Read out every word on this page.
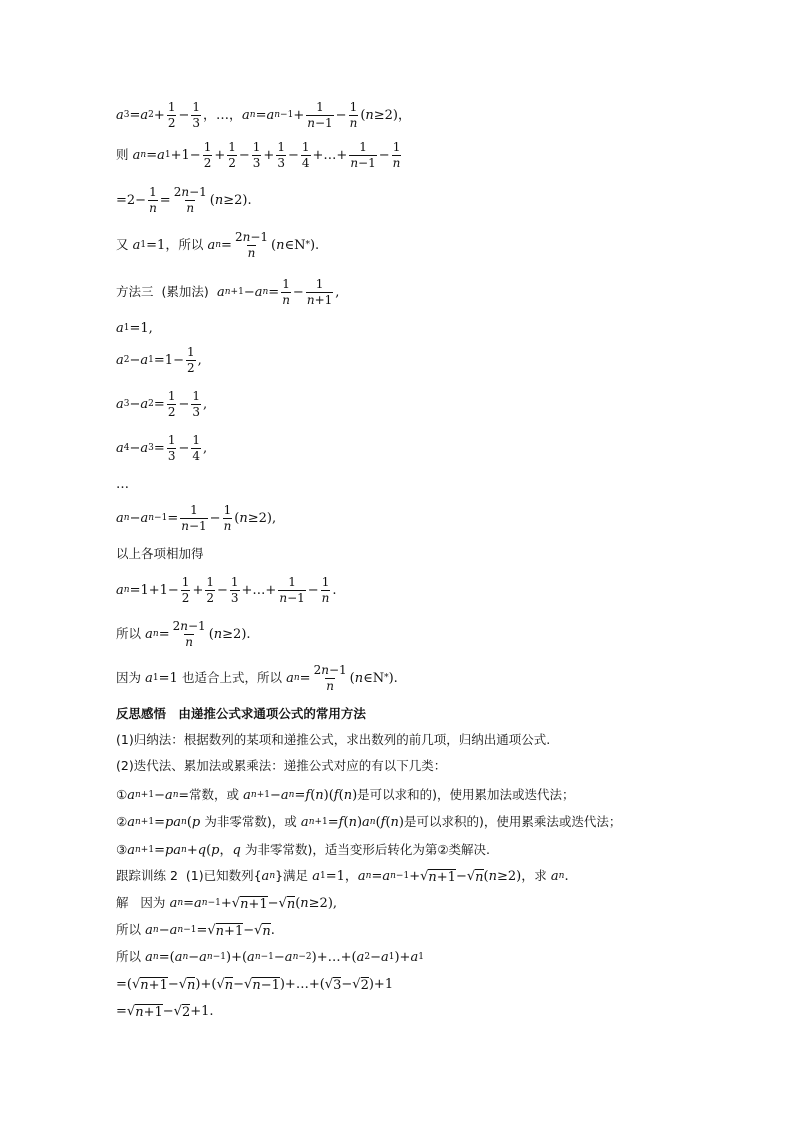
a 3 = a $2 + \frac{1}{2} - \frac{1}{3}$ ，…， a n = a $n-1 + \frac{1}{n-1} - \frac{1}{n} (n\ge 2)$，
则
a n = a $1 +1- \frac{1}{2} + \frac{1}{2} - \frac{1}{3} + \frac{1}{3} - \frac{1}{4}$ +…+ $\frac{1}{n-1} - \frac{1}{n}$
$=2- \frac{1}{n} = \frac{2n-1}{n} (n\ge 2)$.
又
a 1 =1， 所以
a $n = \frac{2n-1}{n}$ (n∈N * ).
方法三  (累加法)
a n+1 − a $n = \frac{1}{n} - \frac{1}{n+1}$ ,
a 1 =1,
a 2 − a $1 =1- \frac{1}{2}$ ,
a 3 − a $2 = \frac{1}{2} - \frac{1}{3}$ ,
a 4 − a $3 = \frac{1}{3} - \frac{1}{4}$ ,
…
a n − a $n-1 = \frac{1}{n-1} - \frac{1}{n} (n\ge 2)$,
以上各项相加得
a $n =1+1- \frac{1}{2} + \frac{1}{2} - \frac{1}{3}$ +…+ $\frac{1}{n-1} - \frac{1}{n}$ .
所以
a $n = \frac{2n-1}{n} (n\ge 2)$.
因为
a 1 =1 也适合上式，所以
a $n = \frac{2n-1}{n}$ (n∈N * ).
反思感悟
由递推公式求通项公式的常用方法
(1)归纳法：根据数列的某项和递推公式，求出数列的前几项，归纳出通项公式.
(2)迭代法、累加法或累乘法：递推公式对应的有以下几类：
① a n+1 − a n =常数，或
a n+1 − a n =f(n)(f(n) 是可以求和的)，使用累加法或迭代法；
② a n+1 =pa n (p 为非零常数)，或
a n+1 =f(n)a n (f(n) 是可以求积的)，使用累乘法或迭代法；
③ a n+1 =pa n +q(p，q 为非零常数)，适当变形后转化为第②类解决.
跟踪训练 2  (1)已知数列{ a n }满足
a 1 =1， a n = a n−1 + √ n+1 − √ n (n≥2)， 求
a n .
解   因为
a n = a n−1 + √ n+1 − √ n (n≥2),
所以
a n − a n−1 = √ n+1 − √ n .
所以
a n =( a n − a n−1 )+( a n−1 − a n−2 )+…+( a 2 − a 1 )+ a 1
=( √ n+1 − √ n )+( √ n − √ n−1 )+…+( √ 3 − √ 2 )+1
= √ n+1 − √ 2 +1.
